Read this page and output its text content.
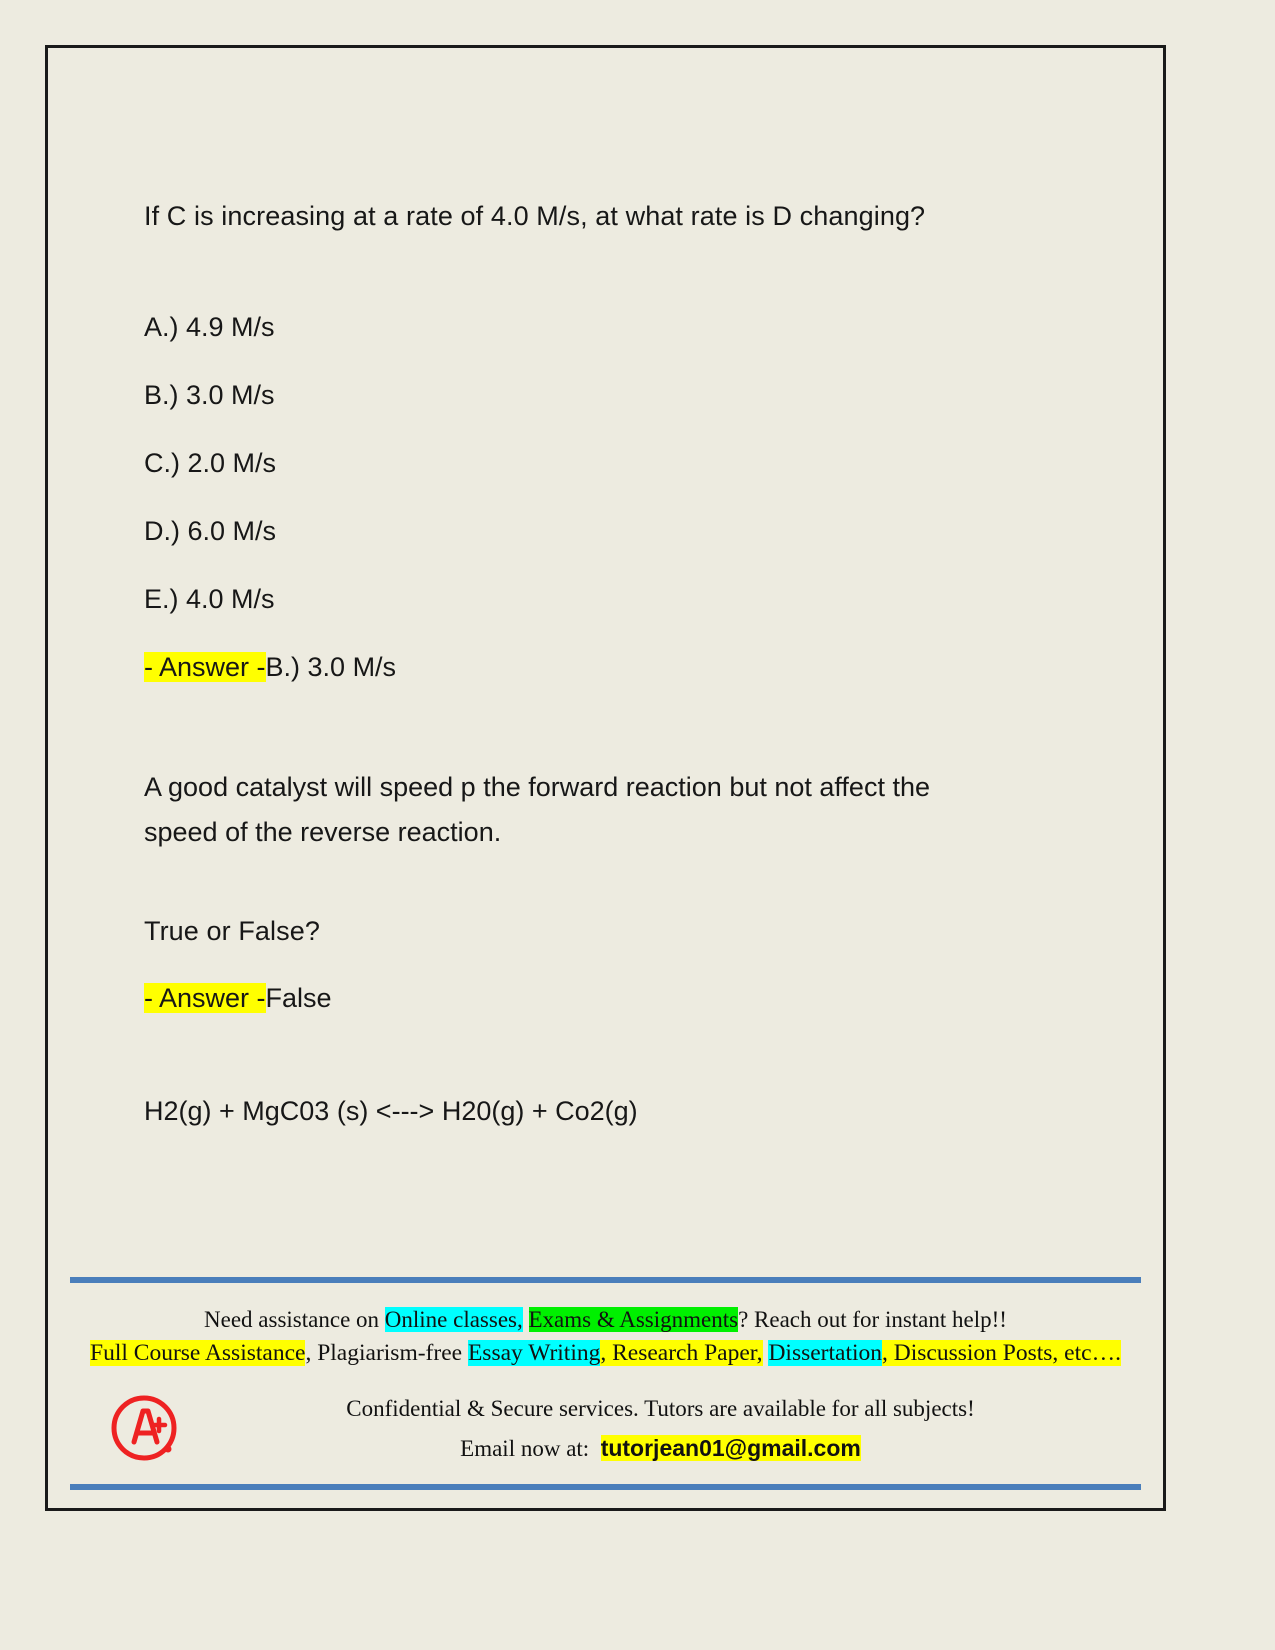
If C is increasing at a rate of 4.0 M/s, at what rate is D changing?
A.) 4.9 M/s
B.) 3.0 M/s
C.) 2.0 M/s
D.) 6.0 M/s
E.) 4.0 M/s
- Answer -B.) 3.0 M/s
A good catalyst will speed p the forward reaction but not affect the
speed of the reverse reaction.
True or False?
- Answer -False
H2(g) + MgC03 (s) <---> H20(g) + Co2(g)
Need assistance on Online classes, Exams & Assignments? Reach out for instant help!!
Full Course Assistance, Plagiarism-free Essay Writing, Research Paper, Dissertation, Discussion Posts, etc….
Confidential & Secure services. Tutors are available for all subjects!
Email now at: tutorjean01@gmail.com
